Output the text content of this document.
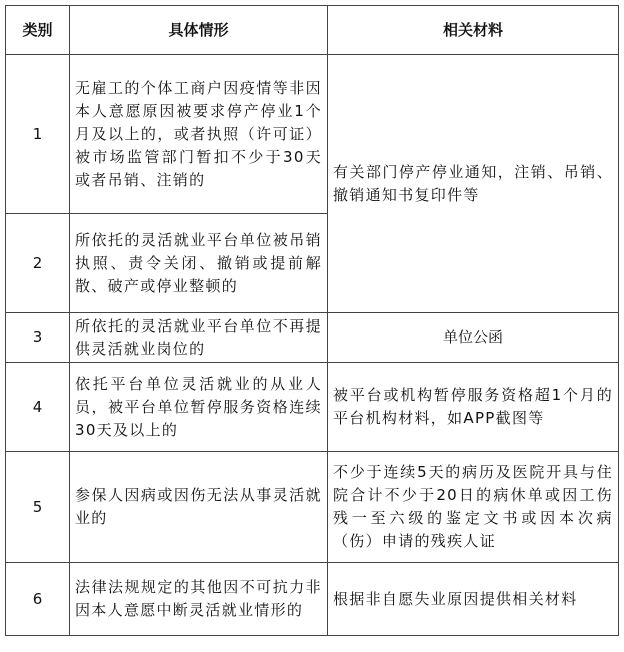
类别	具体情形	相关材料
1	无雇工的个体工商户因疫情等非因本人意愿原因被要求停产停业1个月及以上的，或者执照（许可证）被市场监管部门暂扣不少于30天或者吊销、注销的	有关部门停产停业通知，注销、吊销、撤销通知书复印件等
2	所依托的灵活就业平台单位被吊销执照、责令关闭、撤销或提前解散、破产或停业整顿的	
3	所依托的灵活就业平台单位不再提供灵活就业岗位的	单位公函
4	依托平台单位灵活就业的从业人员，被平台单位暂停服务资格连续30天及以上的	被平台或机构暂停服务资格超1个月的平台机构材料，如APP截图等
5	参保人因病或因伤无法从事灵活就业的	不少于连续5天的病历及医院开具与住院合计不少于20日的病休单或因工伤残一至六级的鉴定文书或因本次病（伤）申请的残疾人证
6	法律法规规定的其他因不可抗力非因本人意愿中断灵活就业情形的	根据非自愿失业原因提供相关材料
